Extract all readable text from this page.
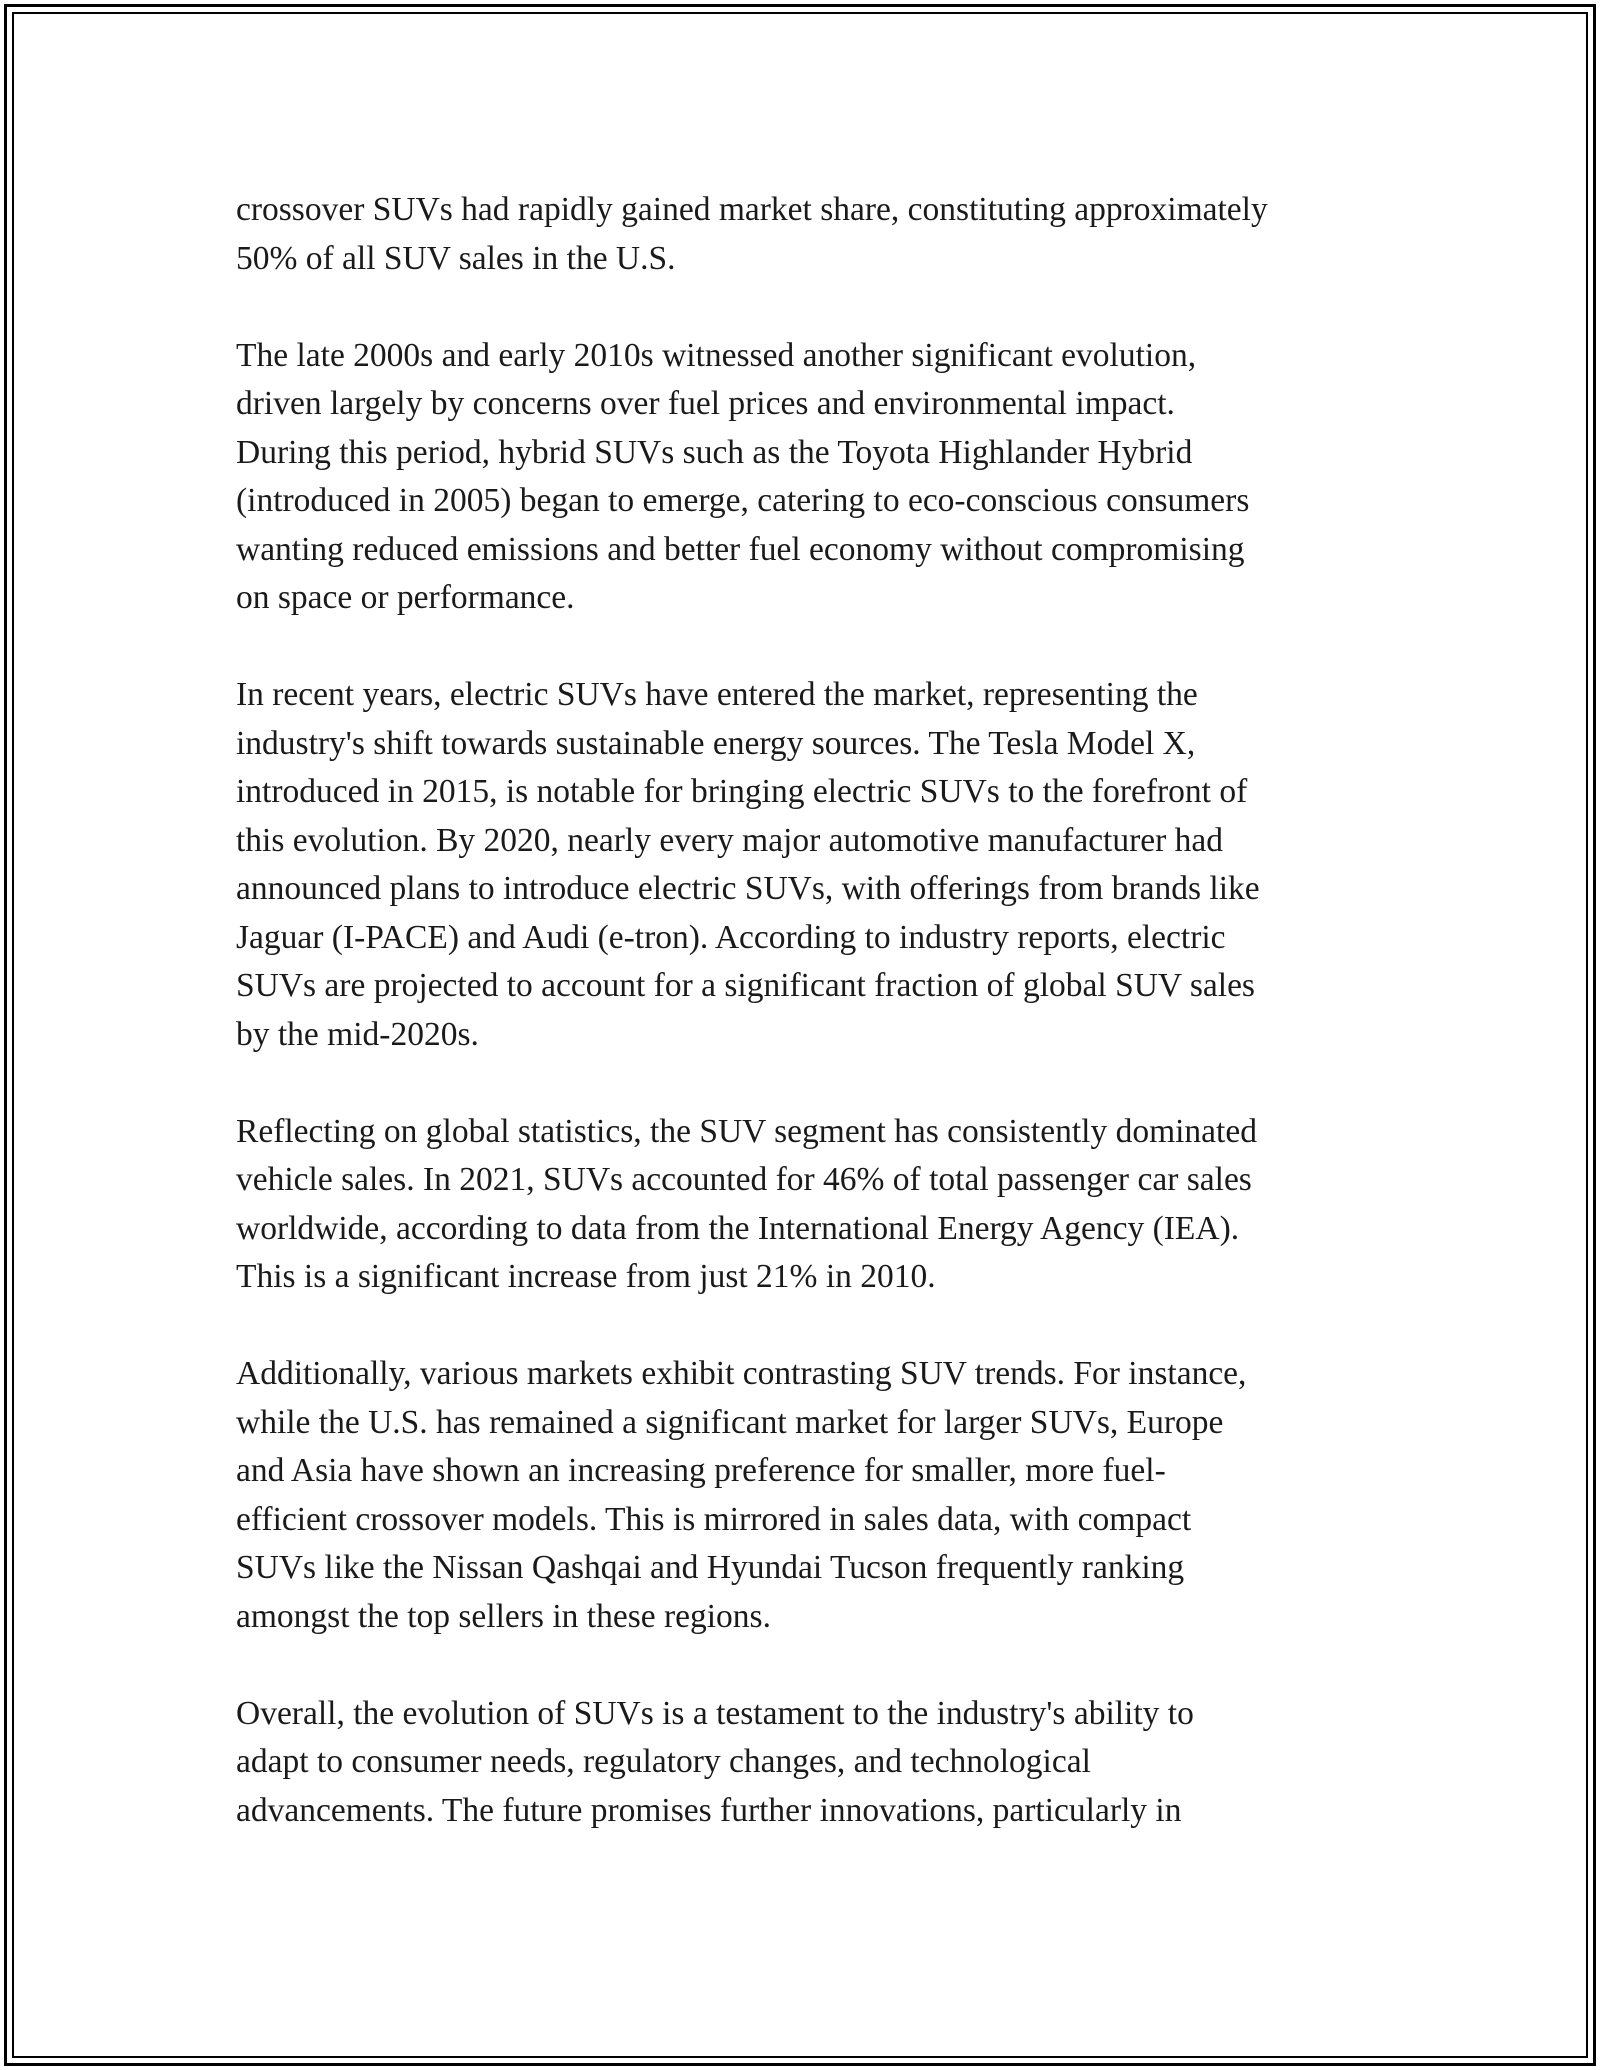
crossover SUVs had rapidly gained market share, constituting approximately
50% of all SUV sales in the U.S.
The late 2000s and early 2010s witnessed another significant evolution,
driven largely by concerns over fuel prices and environmental impact.
During this period, hybrid SUVs such as the Toyota Highlander Hybrid
(introduced in 2005) began to emerge, catering to eco-conscious consumers
wanting reduced emissions and better fuel economy without compromising
on space or performance.
In recent years, electric SUVs have entered the market, representing the
industry's shift towards sustainable energy sources. The Tesla Model X,
introduced in 2015, is notable for bringing electric SUVs to the forefront of
this evolution. By 2020, nearly every major automotive manufacturer had
announced plans to introduce electric SUVs, with offerings from brands like
Jaguar (I-PACE) and Audi (e-tron). According to industry reports, electric
SUVs are projected to account for a significant fraction of global SUV sales
by the mid-2020s.
Reflecting on global statistics, the SUV segment has consistently dominated
vehicle sales. In 2021, SUVs accounted for 46% of total passenger car sales
worldwide, according to data from the International Energy Agency (IEA).
This is a significant increase from just 21% in 2010.
Additionally, various markets exhibit contrasting SUV trends. For instance,
while the U.S. has remained a significant market for larger SUVs, Europe
and Asia have shown an increasing preference for smaller, more fuel-
efficient crossover models. This is mirrored in sales data, with compact
SUVs like the Nissan Qashqai and Hyundai Tucson frequently ranking
amongst the top sellers in these regions.
Overall, the evolution of SUVs is a testament to the industry's ability to
adapt to consumer needs, regulatory changes, and technological
advancements. The future promises further innovations, particularly in
